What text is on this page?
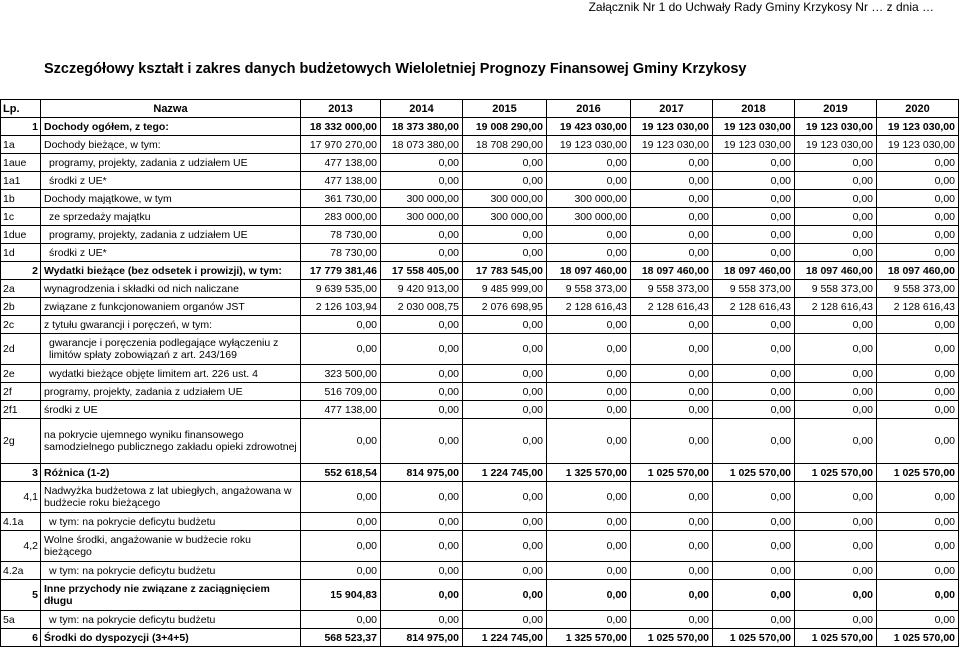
Załącznik Nr 1 do Uchwały Rady Gminy Krzykosy Nr … z dnia …
Szczegółowy kształt i zakres danych budżetowych Wieloletniej Prognozy Finansowej Gminy Krzykosy
Lp.	Nazwa	2013	2014	2015	2016	2017	2018	2019	2020
1	Dochody ogółem, z tego:	18 332 000,00	18 373 380,00	19 008 290,00	19 423 030,00	19 123 030,00	19 123 030,00	19 123 030,00	19 123 030,00
1a	Dochody bieżące, w tym:	17 970 270,00	18 073 380,00	18 708 290,00	19 123 030,00	19 123 030,00	19 123 030,00	19 123 030,00	19 123 030,00
1aue	programy, projekty, zadania z udziałem UE	477 138,00	0,00	0,00	0,00	0,00	0,00	0,00	0,00
1a1	środki z UE*	477 138,00	0,00	0,00	0,00	0,00	0,00	0,00	0,00
1b	Dochody majątkowe, w tym	361 730,00	300 000,00	300 000,00	300 000,00	0,00	0,00	0,00	0,00
1c	ze sprzedaży majątku	283 000,00	300 000,00	300 000,00	300 000,00	0,00	0,00	0,00	0,00
1due	programy, projekty, zadania z udziałem UE	78 730,00	0,00	0,00	0,00	0,00	0,00	0,00	0,00
1d	środki z UE*	78 730,00	0,00	0,00	0,00	0,00	0,00	0,00	0,00
2	Wydatki bieżące (bez odsetek i prowizji), w tym:	17 779 381,46	17 558 405,00	17 783 545,00	18 097 460,00	18 097 460,00	18 097 460,00	18 097 460,00	18 097 460,00
2a	wynagrodzenia i składki od nich naliczane	9 639 535,00	9 420 913,00	9 485 999,00	9 558 373,00	9 558 373,00	9 558 373,00	9 558 373,00	9 558 373,00
2b	związane z funkcjonowaniem organów JST	2 126 103,94	2 030 008,75	2 076 698,95	2 128 616,43	2 128 616,43	2 128 616,43	2 128 616,43	2 128 616,43
2c	z tytułu gwarancji i poręczeń, w tym:	0,00	0,00	0,00	0,00	0,00	0,00	0,00	0,00
2d	gwarancje i poręczenia podlegające wyłączeniu z limitów spłaty zobowiązań z art. 243/169	0,00	0,00	0,00	0,00	0,00	0,00	0,00	0,00
2e	wydatki bieżące objęte limitem art. 226 ust. 4	323 500,00	0,00	0,00	0,00	0,00	0,00	0,00	0,00
2f	programy, projekty, zadania z udziałem UE	516 709,00	0,00	0,00	0,00	0,00	0,00	0,00	0,00
2f1	środki z UE	477 138,00	0,00	0,00	0,00	0,00	0,00	0,00	0,00
2g	na pokrycie ujemnego wyniku finansowego samodzielnego publicznego zakładu opieki zdrowotnej	0,00	0,00	0,00	0,00	0,00	0,00	0,00	0,00
3	Różnica (1-2)	552 618,54	814 975,00	1 224 745,00	1 325 570,00	1 025 570,00	1 025 570,00	1 025 570,00	1 025 570,00
4,1	Nadwyżka budżetowa z lat ubiegłych, angażowana w budżecie roku bieżącego	0,00	0,00	0,00	0,00	0,00	0,00	0,00	0,00
4.1a	w tym: na pokrycie deficytu budżetu	0,00	0,00	0,00	0,00	0,00	0,00	0,00	0,00
4,2	Wolne środki, angażowanie w budżecie roku bieżącego	0,00	0,00	0,00	0,00	0,00	0,00	0,00	0,00
4.2a	w tym: na pokrycie deficytu budżetu	0,00	0,00	0,00	0,00	0,00	0,00	0,00	0,00
5	Inne przychody nie związane z zaciągnięciem długu	15 904,83	0,00	0,00	0,00	0,00	0,00	0,00	0,00
5a	w tym: na pokrycie deficytu budżetu	0,00	0,00	0,00	0,00	0,00	0,00	0,00	0,00
6	Środki do dyspozycji (3+4+5)	568 523,37	814 975,00	1 224 745,00	1 325 570,00	1 025 570,00	1 025 570,00	1 025 570,00	1 025 570,00
